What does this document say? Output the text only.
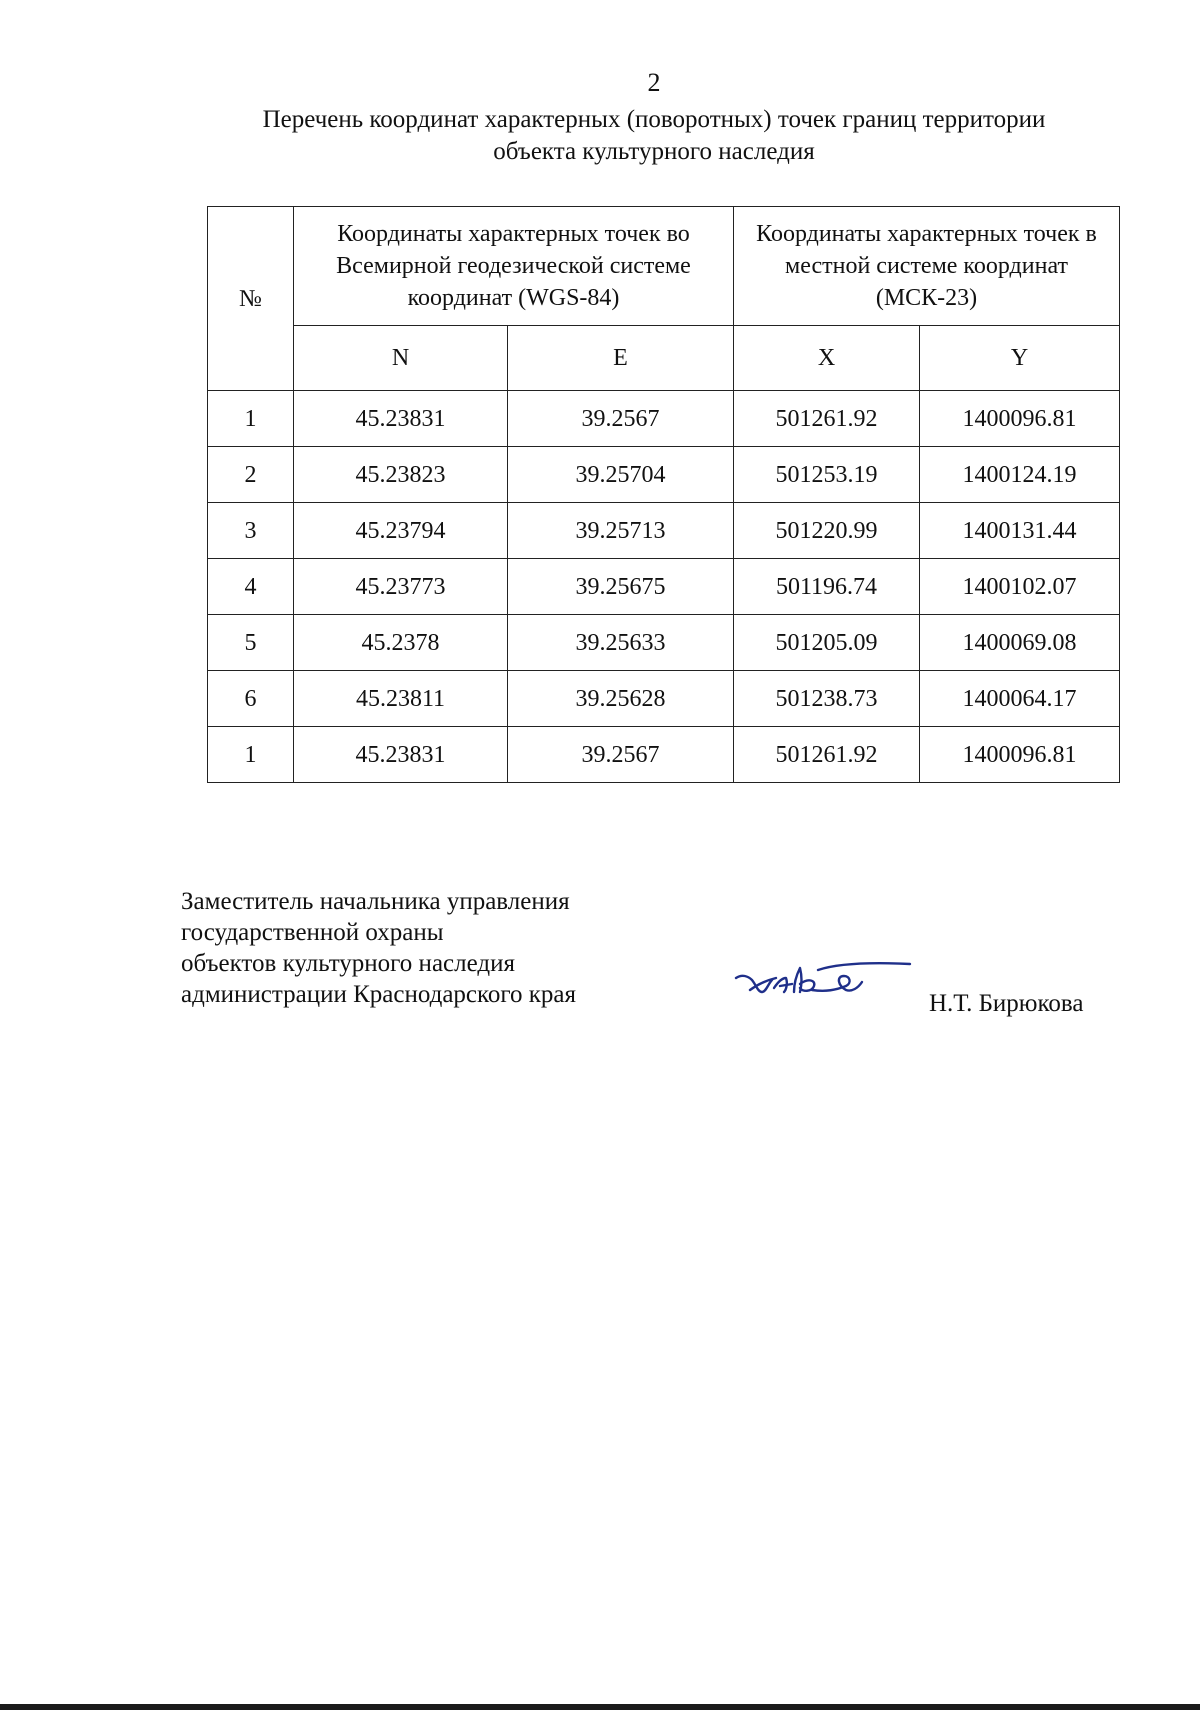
2
Перечень координат характерных (поворотных) точек границ территории
объекта культурного наследия
№	Координаты характерных точек во Всемирной геодезической системе координат (WGS-84)		Координаты характерных точек в местной системе координат (МСК-23)	
	N	E	X	Y
1	45.23831	39.2567	501261.92	1400096.81
2	45.23823	39.25704	501253.19	1400124.19
3	45.23794	39.25713	501220.99	1400131.44
4	45.23773	39.25675	501196.74	1400102.07
5	45.2378	39.25633	501205.09	1400069.08
6	45.23811	39.25628	501238.73	1400064.17
1	45.23831	39.2567	501261.92	1400096.81
Заместитель начальника управления
государственной охраны
объектов культурного наследия
администрации Краснодарского края	Н.Т. Бирюкова
